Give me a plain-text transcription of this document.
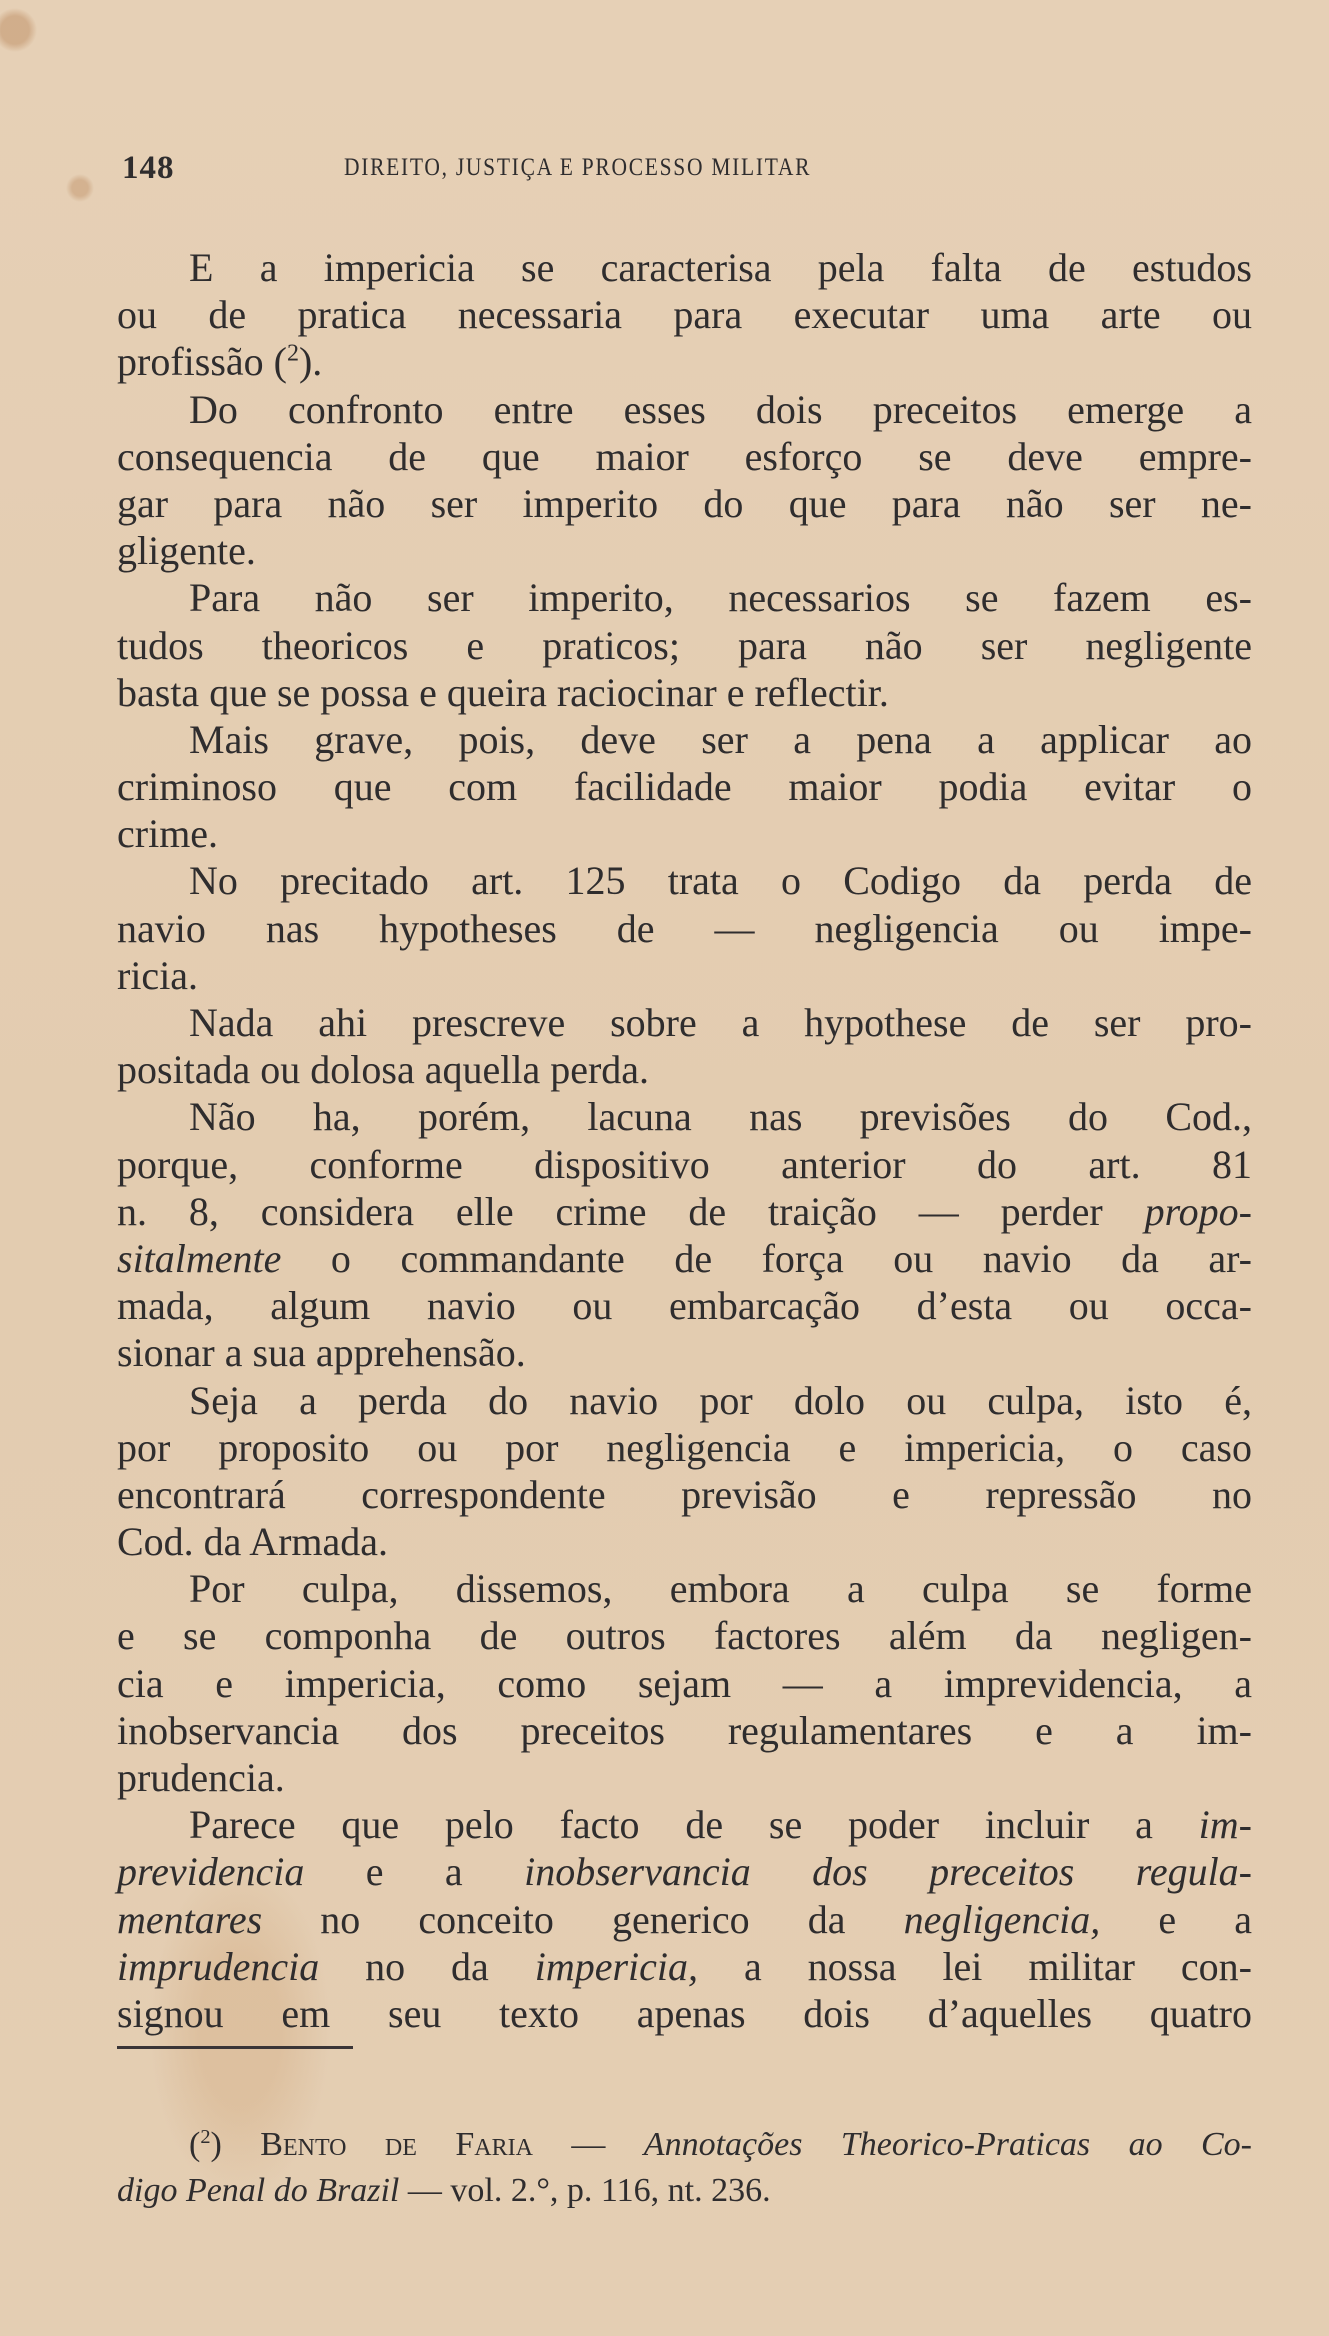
148	DIREITO, JUSTIÇA E PROCESSO MILITAR
E a impericia se caracterisa pela falta de estudos
ou de pratica necessaria para executar uma arte ou
profissão ($^2$).
Do confronto entre esses dois preceitos emerge a
consequencia de que maior esforço se deve empre-
gar para não ser imperito do que para não ser ne-
gligente.
Para não ser imperito, necessarios se fazem es-
tudos theoricos e praticos; para não ser negligente
basta que se possa e queira raciocinar e reflectir.
Mais grave, pois, deve ser a pena a applicar ao
criminoso que com facilidade maior podia evitar o
crime.
No precitado art. 125 trata o Codigo da perda de
navio nas hypotheses de — negligencia ou impe-
ricia.
Nada ahi prescreve sobre a hypothese de ser pro-
positada ou dolosa aquella perda.
Não ha, porém, lacuna nas previsões do Cod.,
porque, conforme dispositivo anterior do art. 81
n. 8, considera elle crime de traição — perder propo-
sitalmente o commandante de força ou navio da ar-
mada, algum navio ou embarcação d’esta ou occa-
sionar a sua apprehensão.
Seja a perda do navio por dolo ou culpa, isto é,
por proposito ou por negligencia e impericia, o caso
encontrará correspondente previsão e repressão no
Cod. da Armada.
Por culpa, dissemos, embora a culpa se forme
e se componha de outros factores além da negligen-
cia e impericia, como sejam — a imprevidencia, a
inobservancia dos preceitos regulamentares e a im-
prudencia.
Parece que pelo facto de se poder incluir a im-
previdencia e a inobservancia dos preceitos regula-
mentares no conceito generico da negligencia, e a
imprudencia no da impericia, a nossa lei militar con-
signou em seu texto apenas dois d’aquelles quatro
($^2$) Bento de Faria — Annotações Theorico-Praticas ao Co-
digo Penal do Brazil — vol. 2.°, p. 116, nt. 236.
